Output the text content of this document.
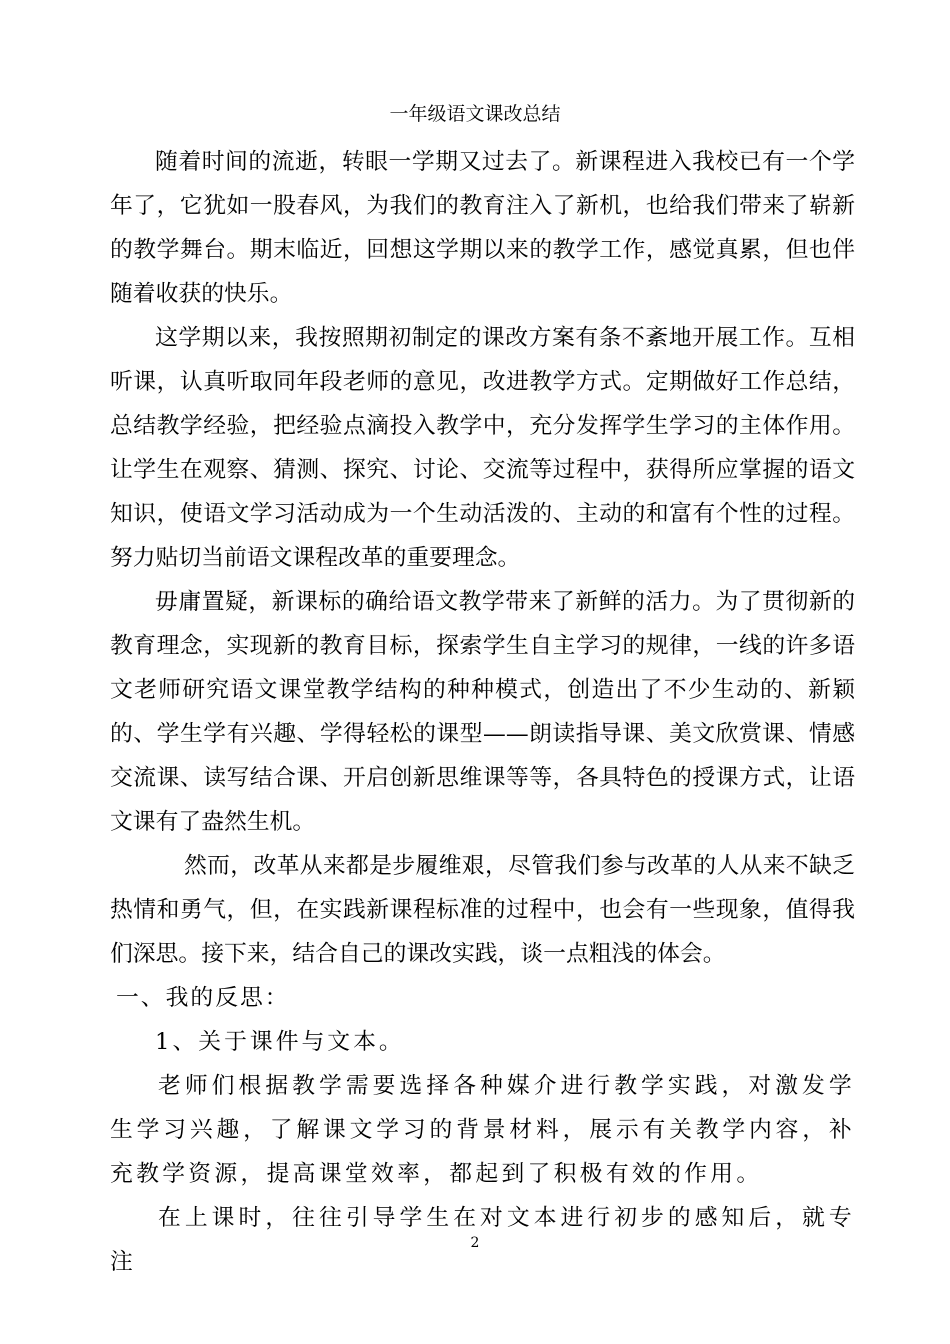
一年级语文课改总结

随着时间的流逝，转眼一学期又过去了。新课程进入我校已有一个学年了，它犹如一股春风，为我们的教育注入了新机，也给我们带来了崭新的教学舞台。期末临近，回想这学期以来的教学工作，感觉真累，但也伴随着收获的快乐。

这学期以来，我按照期初制定的课改方案有条不紊地开展工作。互相听课，认真听取同年段老师的意见，改进教学方式。定期做好工作总结，总结教学经验，把经验点滴投入教学中，充分发挥学生学习的主体作用。让学生在观察、猜测、探究、讨论、交流等过程中，获得所应掌握的语文知识，使语文学习活动成为一个生动活泼的、主动的和富有个性的过程。努力贴切当前语文课程改革的重要理念。

毋庸置疑，新课标的确给语文教学带来了新鲜的活力。为了贯彻新的教育理念，实现新的教育目标，探索学生自主学习的规律，一线的许多语文老师研究语文课堂教学结构的种种模式，创造出了不少生动的、新颖的、学生学有兴趣、学得轻松的课型——朗读指导课、美文欣赏课、情感交流课、读写结合课、开启创新思维课等等，各具特色的授课方式，让语文课有了盎然生机。

然而，改革从来都是步履维艰，尽管我们参与改革的人从来不缺乏热情和勇气，但，在实践新课程标准的过程中，也会有一些现象，值得我们深思。接下来，结合自己的课改实践，谈一点粗浅的体会。

一、我的反思：

1、关于课件与文本。

老师们根据教学需要选择各种媒介进行教学实践，对激发学生学习兴趣，了解课文学习的背景材料，展示有关教学内容，补充教学资源，提高课堂效率，都起到了积极有效的作用。

在上课时，往往引导学生在对文本进行初步的感知后，就专注

2
